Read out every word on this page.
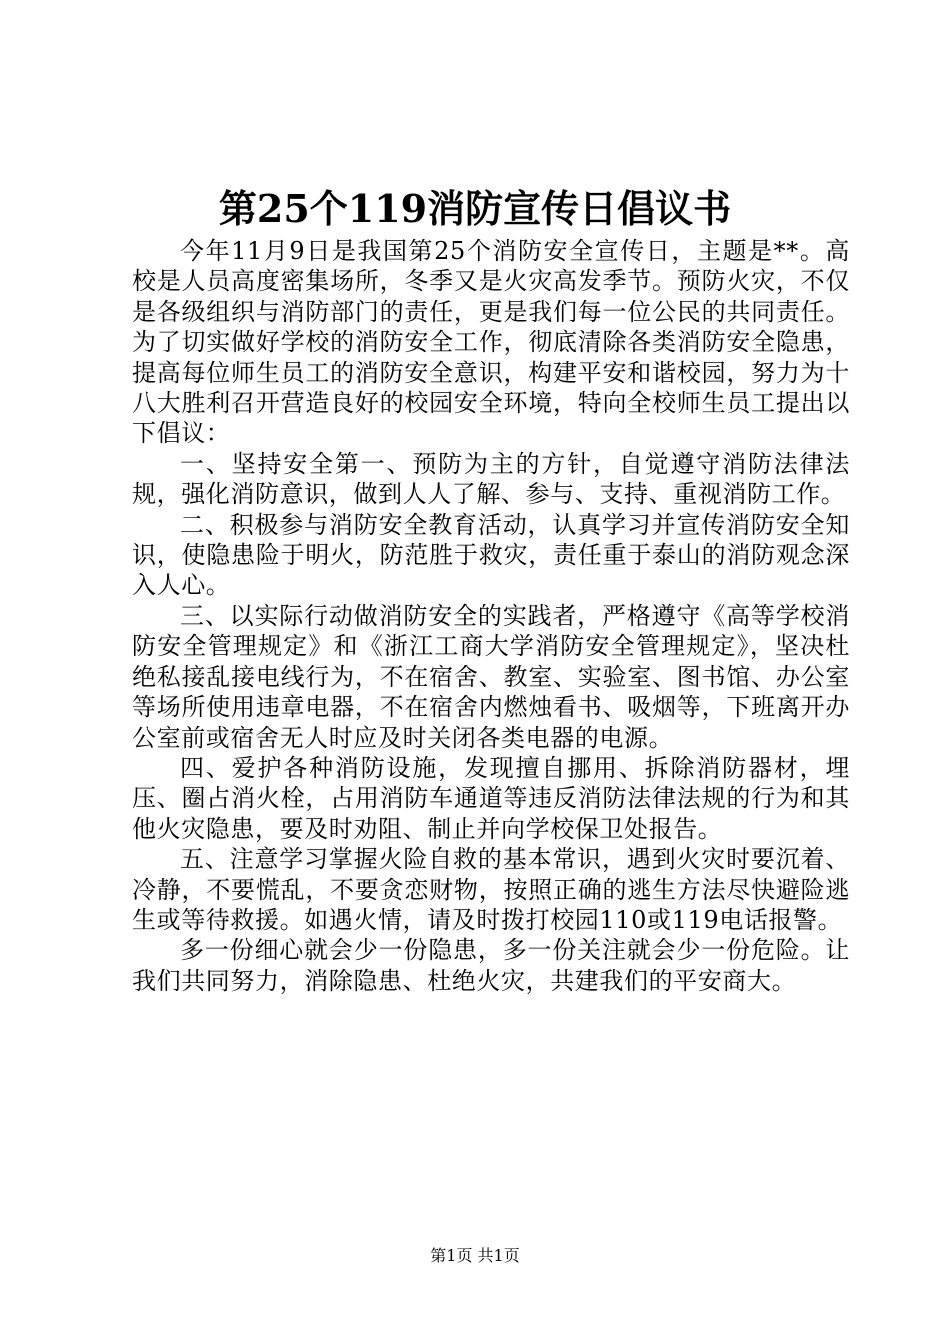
第25个119消防宣传日倡议书

今年11月9日是我国第25个消防安全宣传日，主题是**。高校是人员高度密集场所，冬季又是火灾高发季节。预防火灾，不仅是各级组织与消防部门的责任，更是我们每一位公民的共同责任。为了切实做好学校的消防安全工作，彻底清除各类消防安全隐患，提高每位师生员工的消防安全意识，构建平安和谐校园，努力为十八大胜利召开营造良好的校园安全环境，特向全校师生员工提出以下倡议：

一、坚持安全第一、预防为主的方针，自觉遵守消防法律法规，强化消防意识，做到人人了解、参与、支持、重视消防工作。

二、积极参与消防安全教育活动，认真学习并宣传消防安全知识，使隐患险于明火，防范胜于救灾，责任重于泰山的消防观念深入人心。

三、以实际行动做消防安全的实践者，严格遵守《高等学校消防安全管理规定》和《浙江工商大学消防安全管理规定》，坚决杜绝私接乱接电线行为，不在宿舍、教室、实验室、图书馆、办公室等场所使用违章电器，不在宿舍内燃烛看书、吸烟等，下班离开办公室前或宿舍无人时应及时关闭各类电器的电源。

四、爱护各种消防设施，发现擅自挪用、拆除消防器材，埋压、圈占消火栓，占用消防车通道等违反消防法律法规的行为和其他火灾隐患，要及时劝阻、制止并向学校保卫处报告。

五、注意学习掌握火险自救的基本常识，遇到火灾时要沉着、冷静，不要慌乱，不要贪恋财物，按照正确的逃生方法尽快避险逃生或等待救援。如遇火情，请及时拨打校园110或119电话报警。

多一份细心就会少一份隐患，多一份关注就会少一份危险。让我们共同努力，消除隐患、杜绝火灾，共建我们的平安商大。

第1页 共1页
